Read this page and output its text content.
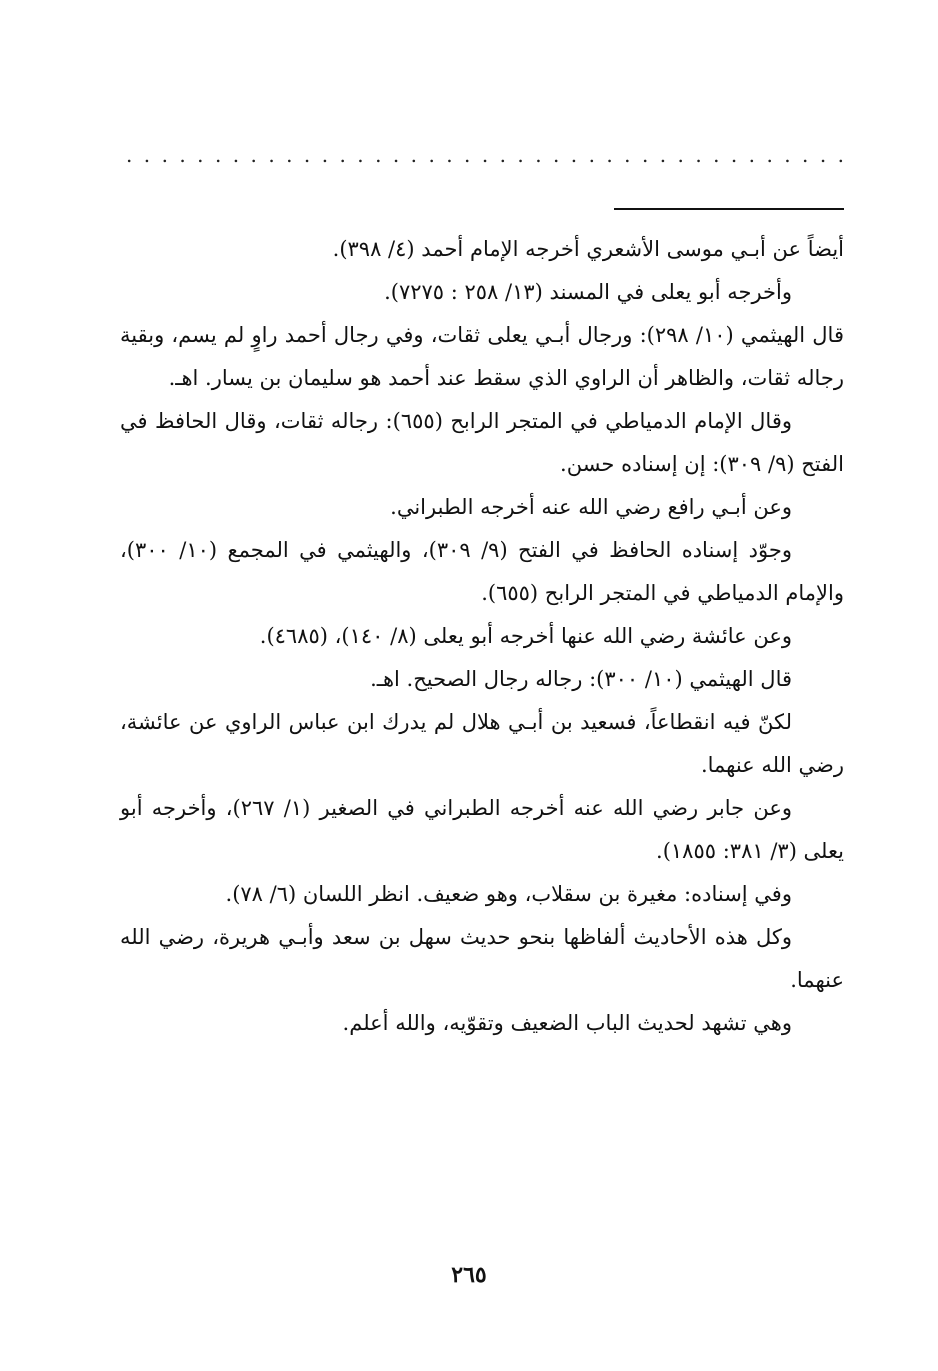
. . . . . . . . . . . . . . . . . . . . . . . . . . . . . . . . . . . . . . . . .

أيضاً عن أبـي موسى الأشعري أخرجه الإمام أحمد (٤/ ٣٩٨).

وأخرجه أبو يعلى في المسند (١٣/ ٢٥٨ : ٧٢٧٥).

قال الهيثمي (١٠/ ٢٩٨): ورجال أبـي يعلى ثقات، وفي رجال أحمد راوٍ لم يسم، وبقية رجاله ثقات، والظاهر أن الراوي الذي سقط عند أحمد هو سليمان بن يسار. اهـ.

وقال الإمام الدمياطي في المتجر الرابح (٦٥٥): رجاله ثقات، وقال الحافظ في الفتح (٩/ ٣٠٩): إن إسناده حسن.

وعن أبـي رافع رضي الله عنه أخرجه الطبراني.

وجوّد إسناده الحافظ في الفتح (٩/ ٣٠٩)، والهيثمي في المجمع (١٠/ ٣٠٠)، والإمام الدمياطي في المتجر الرابح (٦٥٥).

وعن عائشة رضي الله عنها أخرجه أبو يعلى (٨/ ١٤٠)، (٤٦٨٥).

قال الهيثمي (١٠/ ٣٠٠): رجاله رجال الصحيح. اهـ.

لكنّ فيه انقطاعاً، فسعيد بن أبـي هلال لم يدرك ابن عباس الراوي عن عائشة، رضي الله عنهما.

وعن جابر رضي الله عنه أخرجه الطبراني في الصغير (١/ ٢٦٧)، وأخرجه أبو يعلى (٣/ ٣٨١: ١٨٥٥).

وفي إسناده: مغيرة بن سقلاب، وهو ضعيف. انظر اللسان (٦/ ٧٨).

وكل هذه الأحاديث ألفاظها بنحو حديث سهل بن سعد وأبـي هريرة، رضي الله عنهما.

وهي تشهد لحديث الباب الضعيف وتقوّيه، والله أعلم.

٢٦٥
